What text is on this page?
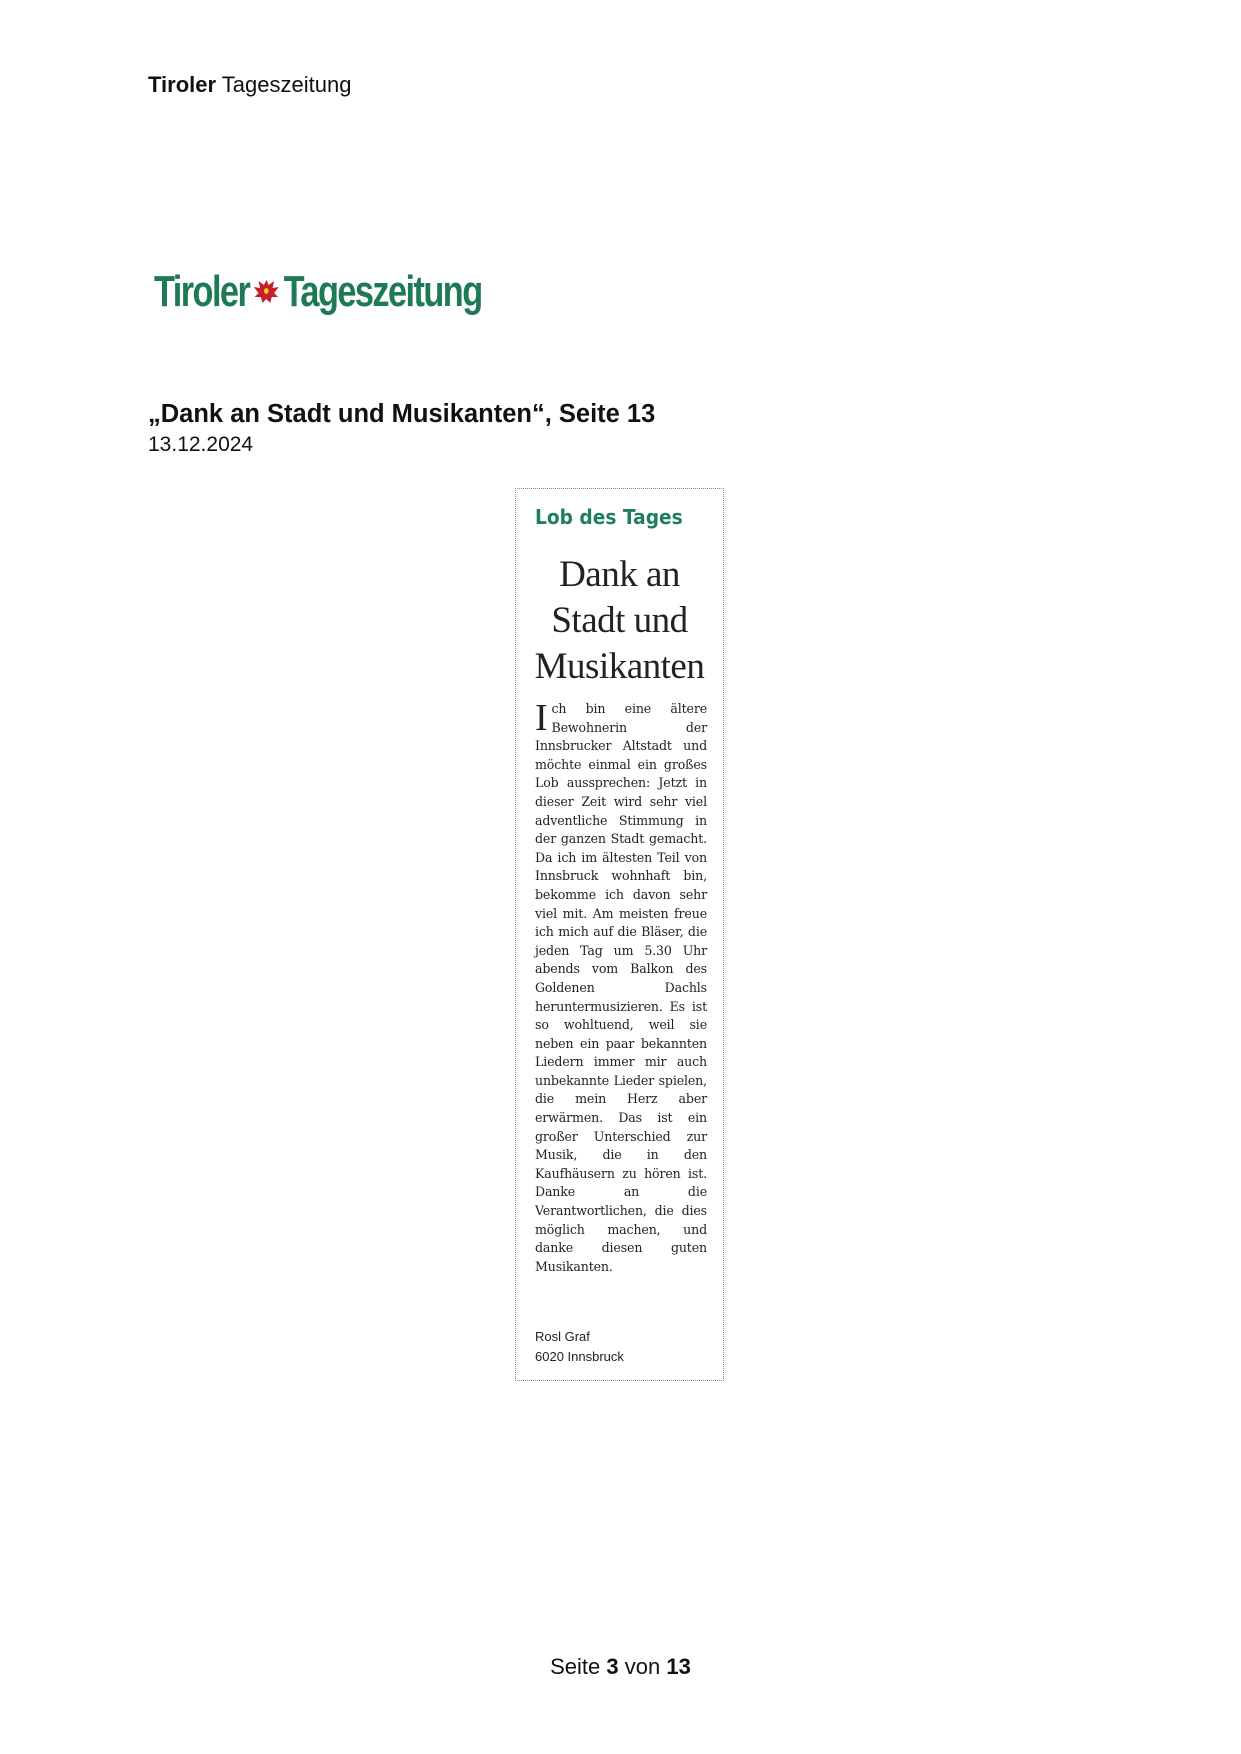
Tiroler Tageszeitung
Tiroler Tageszeitung
„Dank an Stadt und Musikanten“, Seite 13
13.12.2024
Lob des Tages
Dank an
Stadt und
Musikanten
I ch bin eine ältere Bewohnerin der Innsbrucker Altstadt und möchte einmal ein großes Lob aussprechen: Jetzt in dieser Zeit wird sehr viel adventliche Stimmung in der ganzen Stadt gemacht. Da ich im ältesten Teil von Innsbruck wohnhaft bin, bekomme ich davon sehr viel mit. Am meisten freue ich mich auf die Bläser, die jeden Tag um 5.30 Uhr abends vom Balkon des Goldenen Dachls heruntermusizieren. Es ist so wohltuend, weil sie neben ein paar bekannten Liedern immer mir auch unbekannte Lieder spielen, die mein Herz aber erwärmen. Das ist ein großer Unterschied zur Musik, die in den Kaufhäusern zu hören ist. Danke an die Verantwortlichen, die dies möglich machen, und danke diesen guten Musikanten.
Rosl Graf
6020 Innsbruck
Seite 3 von 13
